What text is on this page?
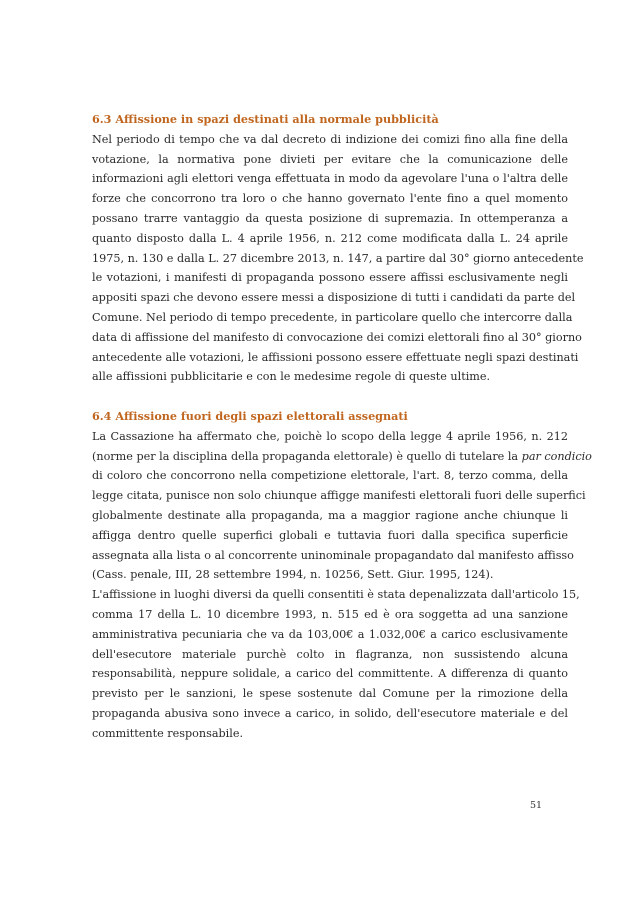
6.3 Affissione in spazi destinati alla normale pubblicità
Nel periodo di tempo che va dal decreto di indizione dei comizi fino alla fine della
votazione, la normativa pone divieti per evitare che la comunicazione delle
informazioni agli elettori venga effettuata in modo da agevolare l'una o l'altra delle
forze che concorrono tra loro o che hanno governato l'ente fino a quel momento
possano trarre vantaggio da questa posizione di supremazia. In ottemperanza a
quanto disposto dalla L. 4 aprile 1956, n. 212 come modificata dalla L. 24 aprile
1975, n. 130 e dalla L. 27 dicembre 2013, n. 147, a partire dal 30° giorno antecedente
le votazioni, i manifesti di propaganda possono essere affissi esclusivamente negli
appositi spazi che devono essere messi a disposizione di tutti i candidati da parte del
Comune. Nel periodo di tempo precedente, in particolare quello che intercorre dalla
data di affissione del manifesto di convocazione dei comizi elettorali fino al 30° giorno
antecedente alle votazioni, le affissioni possono essere effettuate negli spazi destinati
alle affissioni pubblicitarie e con le medesime regole di queste ultime.
6.4 Affissione fuori degli spazi elettorali assegnati
La Cassazione ha affermato che, poichè lo scopo della legge 4 aprile 1956, n. 212
(norme per la disciplina della propaganda elettorale) è quello di tutelare la par condicio
di coloro che concorrono nella competizione elettorale, l'art. 8, terzo comma, della
legge citata, punisce non solo chiunque affigge manifesti elettorali fuori delle superfici
globalmente destinate alla propaganda, ma a maggior ragione anche chiunque li
affigga dentro quelle superfici globali e tuttavia fuori dalla specifica superficie
assegnata alla lista o al concorrente uninominale propagandato dal manifesto affisso
(Cass. penale, III, 28 settembre 1994, n. 10256, Sett. Giur. 1995, 124).
L'affissione in luoghi diversi da quelli consentiti è stata depenalizzata dall'articolo 15,
comma 17 della L. 10 dicembre 1993, n. 515 ed è ora soggetta ad una sanzione
amministrativa pecuniaria che va da 103,00€ a 1.032,00€ a carico esclusivamente
dell'esecutore materiale purchè colto in flagranza, non sussistendo alcuna
responsabilità, neppure solidale, a carico del committente. A differenza di quanto
previsto per le sanzioni, le spese sostenute dal Comune per la rimozione della
propaganda abusiva sono invece a carico, in solido, dell'esecutore materiale e del
committente responsabile.
51
